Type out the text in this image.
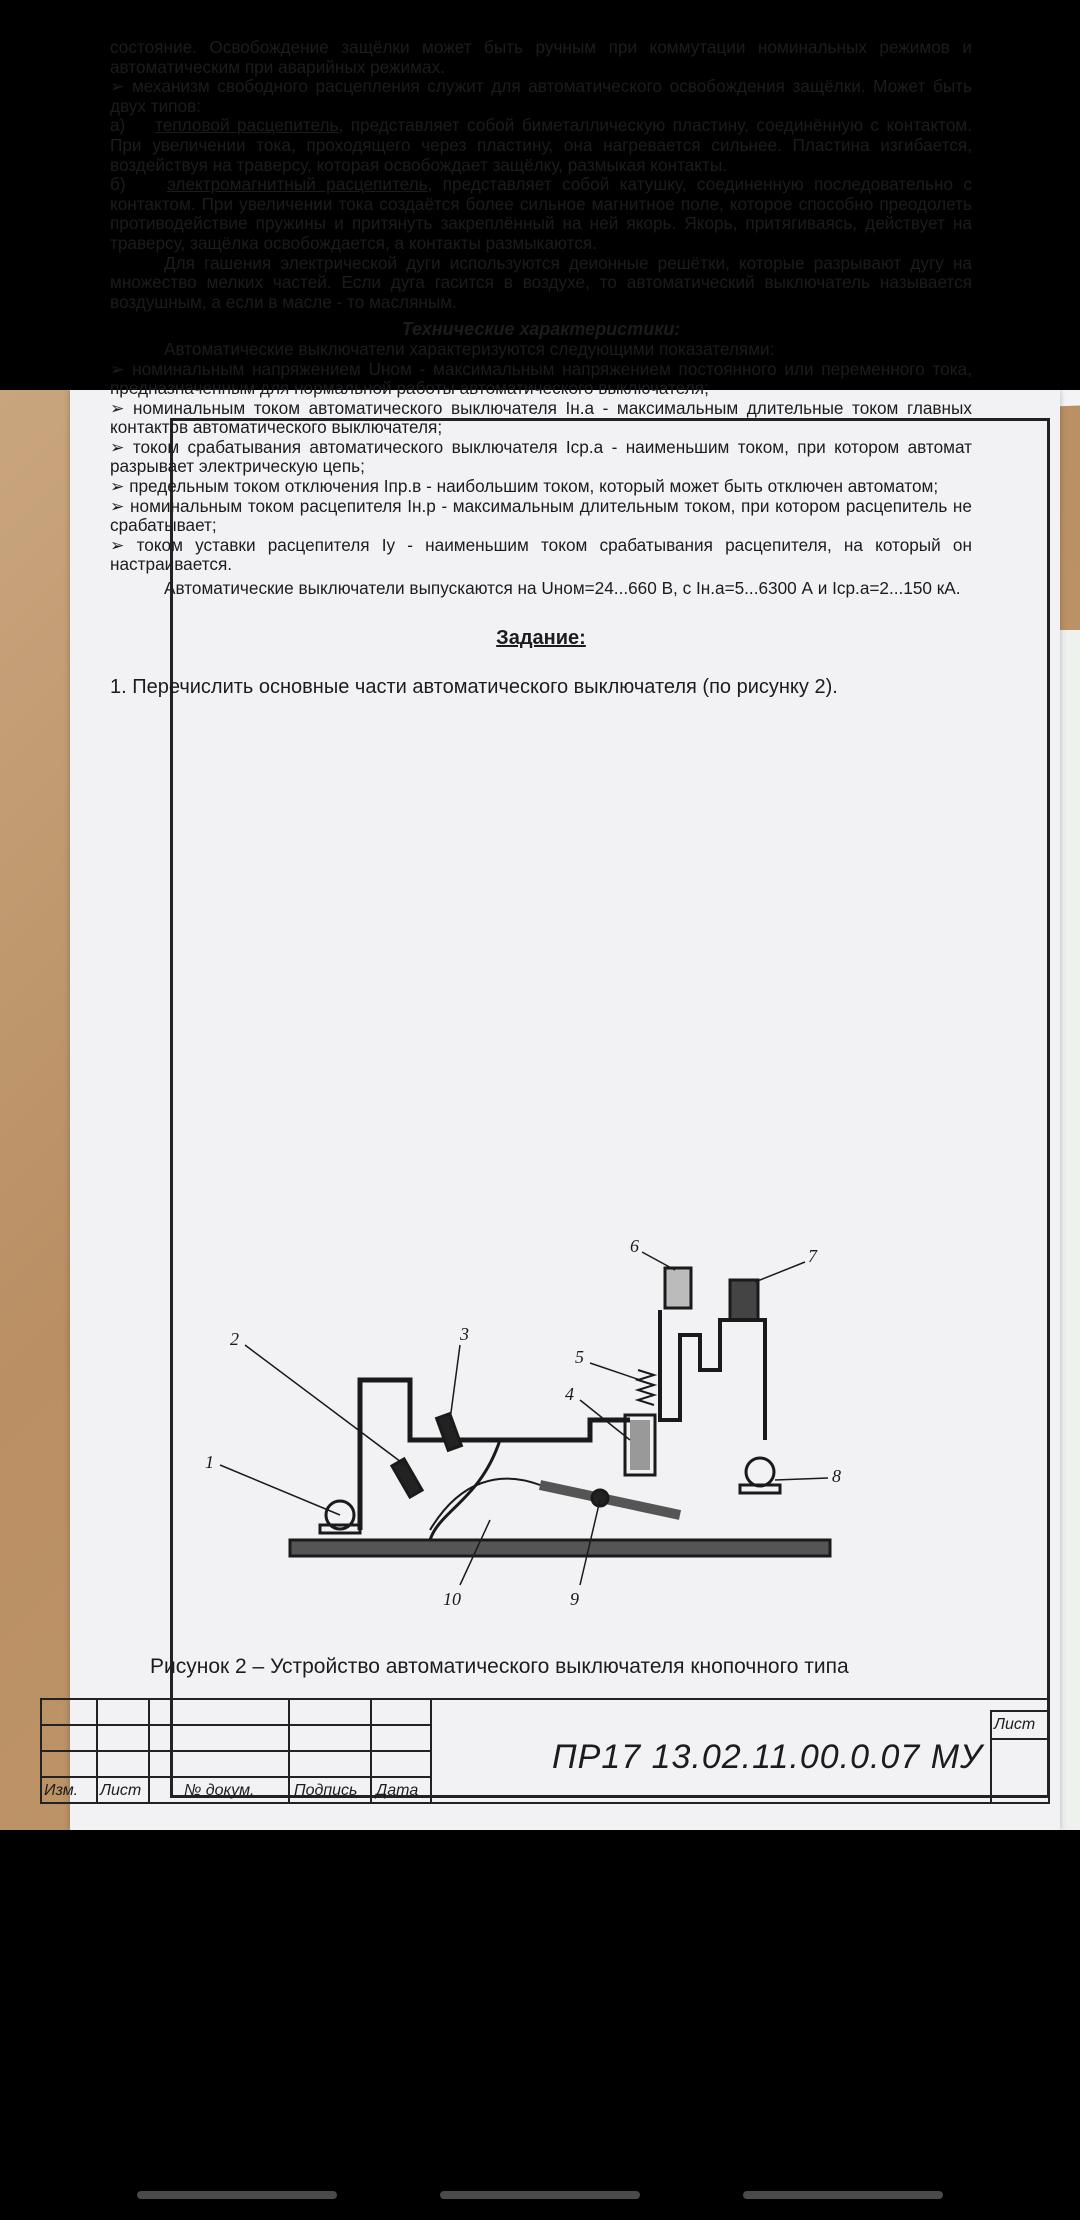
состояние. Освобождение защёлки может быть ручным при коммутации номинальных режимов и автоматическим при аварийных режимах.

➢ механизм свободного расцепления служит для автоматического освобождения защёлки. Может быть двух типов:

а) тепловой расцепитель, представляет собой биметаллическую пластину, соединённую с контактом. При увеличении тока, проходящего через пластину, она нагревается сильнее. Пластина изгибается, воздействуя на траверсу, которая освобождает защёлку, размыкая контакты.

б) электромагнитный расцепитель, представляет собой катушку, соединенную последовательно с контактом. При увеличении тока создаётся более сильное магнитное поле, которое способно преодолеть противодействие пружины и притянуть закреплённый на ней якорь. Якорь, притягиваясь, действует на траверсу, защёлка освобождается, а контакты размыкаются.

Для гашения электрической дуги используются деионные решётки, которые разрывают дугу на множество мелких частей. Если дуга гасится в воздухе, то автоматический выключатель называется воздушным, а если в масле - то масляным.

Технические характеристики:

Автоматические выключатели характеризуются следующими показателями:

➢ номинальным напряжением Uном - максимальным напряжением постоянного или переменного тока, предназначенным для нормальной работы автоматического выключателя;

➢ номинальным током автоматического выключателя Iн.а - максимальным длительные током главных контактов автоматического выключателя;

➢ током срабатывания автоматического выключателя Iср.а - наименьшим током, при котором автомат разрывает электрическую цепь;

➢ предельным током отключения Iпр.в - наибольшим током, который может быть отключен автоматом;

➢ номинальным током расцепителя Iн.р - максимальным длительным током, при котором расцепитель не срабатывает;

➢ током уставки расцепителя Iу - наименьшим током срабатывания расцепителя, на который он настраивается.

Автоматические выключатели выпускаются на Uном=24...660 В, с Iн.а=5...6300 А и Iср.а=2...150 кА.

Задание:

1. Перечислить основные части автоматического выключателя (по рисунку 2).

1
2	3
4
5
6	7
8
9
10
Рисунок 2 – Устройство автоматического выключателя кнопочного типа
Изм. Лист	№ докум. Подпись Дата
Лист
ПР17 13.02.11.00.0.07 МУ
